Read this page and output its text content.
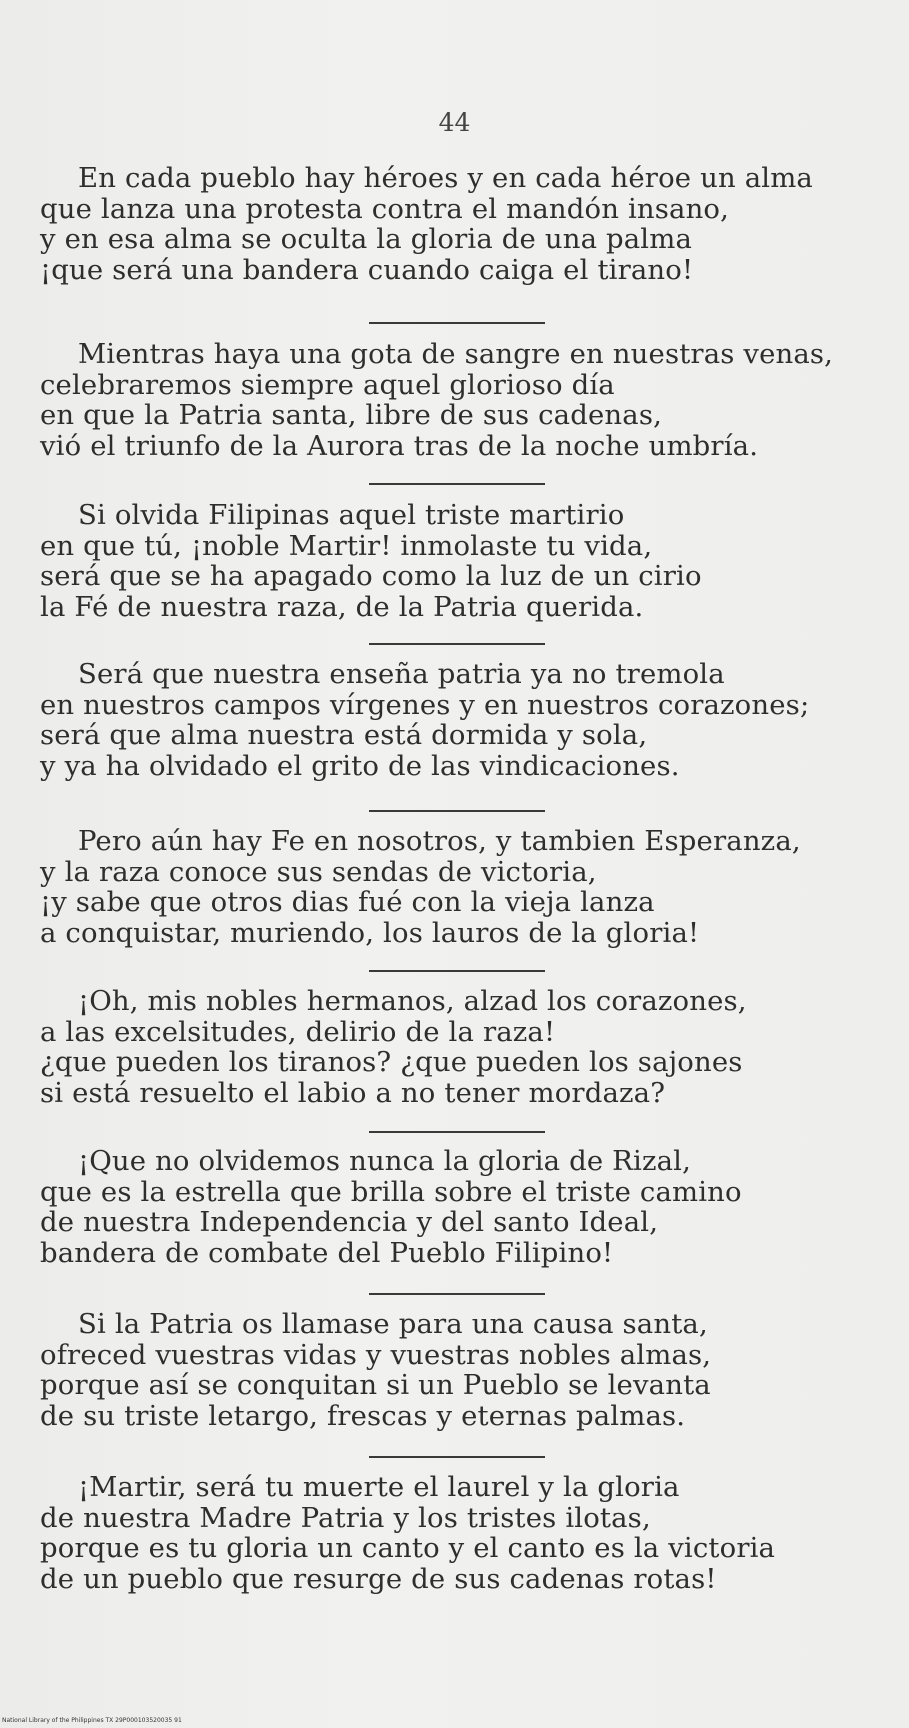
44
En cada pueblo hay héroes y en cada héroe un alma
que lanza una protesta contra el mandón insano,
y en esa alma se oculta la gloria de una palma
¡que será una bandera cuando caiga el tirano!
Mientras haya una gota de sangre en nuestras venas,
celebraremos siempre aquel glorioso día
en que la Patria santa, libre de sus cadenas,
vió el triunfo de la Aurora tras de la noche umbría.
Si olvida Filipinas aquel triste martirio
en que tú, ¡noble Martir! inmolaste tu vida,
será que se ha apagado como la luz de un cirio
la Fé de nuestra raza, de la Patria querida.
Será que nuestra enseña patria ya no tremola
en nuestros campos vírgenes y en nuestros corazones;
será que alma nuestra está dormida y sola,
y ya ha olvidado el grito de las vindicaciones.
Pero aún hay Fe en nosotros, y tambien Esperanza,
y la raza conoce sus sendas de victoria,
¡y sabe que otros dias fué con la vieja lanza
a conquistar, muriendo, los lauros de la gloria!
¡Oh, mis nobles hermanos, alzad los corazones,
a las excelsitudes, delirio de la raza!
¿que pueden los tiranos? ¿que pueden los sajones
si está resuelto el labio a no tener mordaza?
¡Que no olvidemos nunca la gloria de Rizal,
que es la estrella que brilla sobre el triste camino
de nuestra Independencia y del santo Ideal,
bandera de combate del Pueblo Filipino!
Si la Patria os llamase para una causa santa,
ofreced vuestras vidas y vuestras nobles almas,
porque así se conquitan si un Pueblo se levanta
de su triste letargo, frescas y eternas palmas.
¡Martir, será tu muerte el laurel y la gloria
de nuestra Madre Patria y los tristes ilotas,
porque es tu gloria un canto y el canto es la victoria
de un pueblo que resurge de sus cadenas rotas!
National Library of the Philippines TX 29P000103520035 91
